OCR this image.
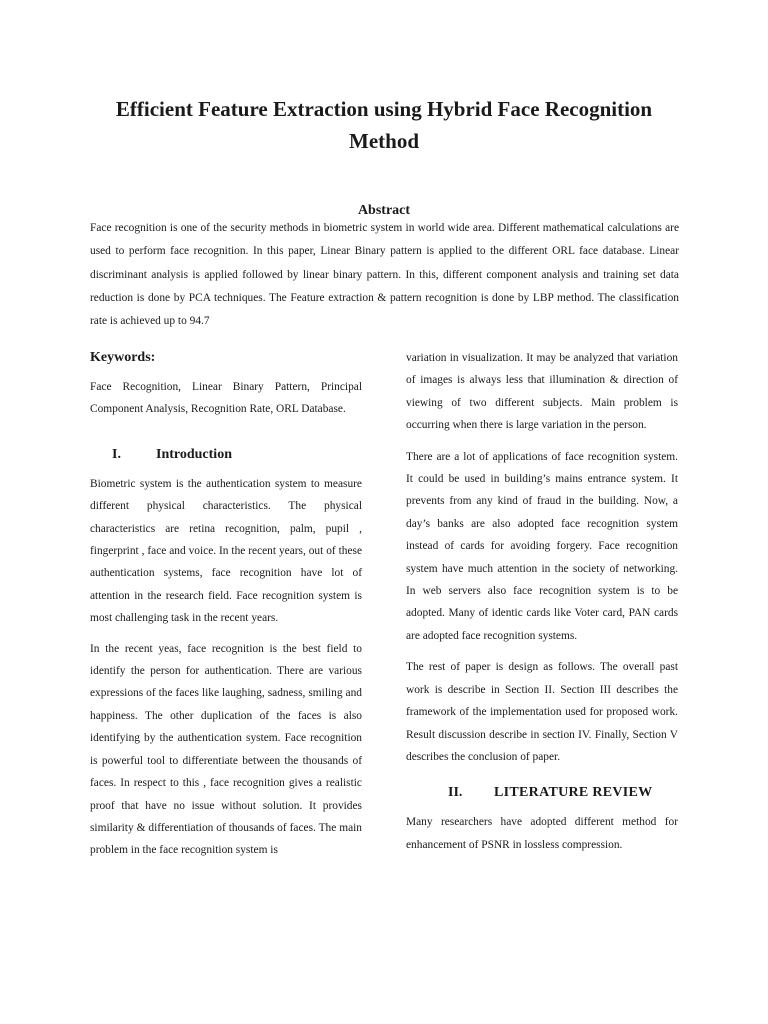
Efficient Feature Extraction using Hybrid Face Recognition Method
Abstract

Face recognition is one of the security methods in biometric system in world wide area. Different mathematical calculations are used to perform face recognition. In this paper, Linear Binary pattern is applied to the different ORL face database. Linear discriminant analysis is applied followed by linear binary pattern. In this, different component analysis and training set data reduction is done by PCA techniques. The Feature extraction & pattern recognition is done by LBP method. The classification rate is achieved up to 94.7

Keywords:

Face Recognition, Linear Binary Pattern, Principal Component Analysis, Recognition Rate, ORL Database.

I.	Introduction

Biometric system is the authentication system to measure different physical characteristics. The physical characteristics are retina recognition, palm, pupil , fingerprint , face and voice. In the recent years, out of these authentication systems, face recognition have lot of attention in the research field. Face recognition system is most challenging task in the recent years.

In the recent yeas, face recognition is the best field to identify the person for authentication. There are various expressions of the faces like laughing, sadness, smiling and happiness. The other duplication of the faces is also identifying by the authentication system. Face recognition is powerful tool to differentiate between the thousands of faces. In respect to this , face recognition gives a realistic proof that have no issue without solution. It provides similarity & differentiation of thousands of faces. The main problem in the face recognition system is

variation in visualization. It may be analyzed that variation of images is always less that illumination & direction of viewing of two different subjects. Main problem is occurring when there is large variation in the person.

There are a lot of applications of face recognition system. It could be used in building’s mains entrance system. It prevents from any kind of fraud in the building. Now, a day’s banks are also adopted face recognition system instead of cards for avoiding forgery. Face recognition system have much attention in the society of networking. In web servers also face recognition system is to be adopted. Many of identic cards like Voter card, PAN cards are adopted face recognition systems.

The rest of paper is design as follows. The overall past work is describe in Section II. Section III describes the framework of the implementation used for proposed work. Result discussion describe in section IV. Finally, Section V describes the conclusion of paper.

II.	LITERATURE REVIEW

Many researchers have adopted different method for enhancement of PSNR in lossless compression.
